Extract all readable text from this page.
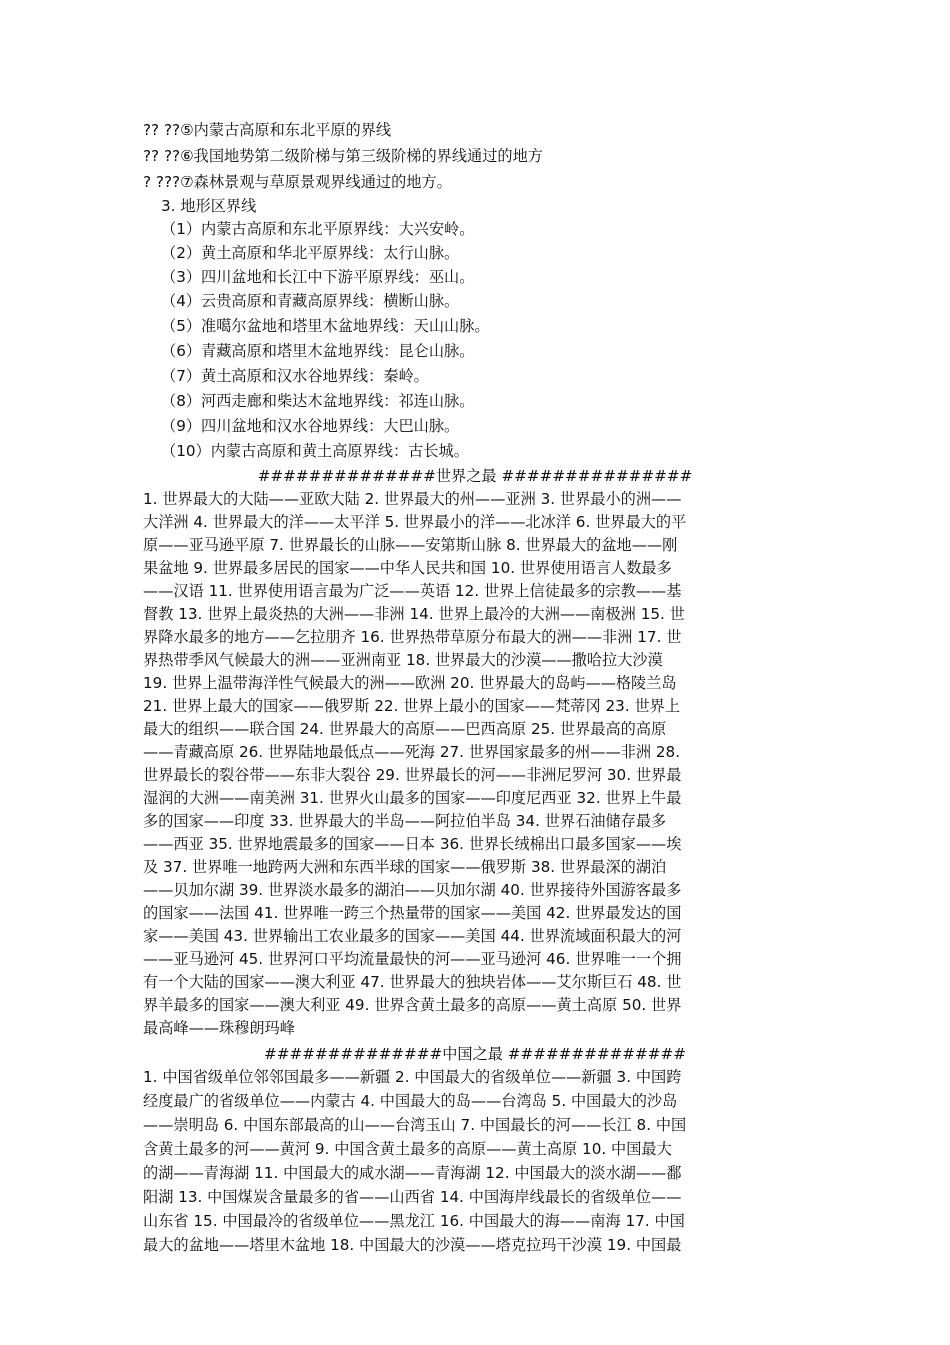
?? ??⑤内蒙古高原和东北平原的界线
?? ??⑥我国地势第二级阶梯与第三级阶梯的界线通过的地方
? ???⑦森林景观与草原景观界线通过的地方。
3. 地形区界线
（1）内蒙古高原和东北平原界线：大兴安岭。
（2）黄土高原和华北平原界线：太行山脉。
（3）四川盆地和长江中下游平原界线：巫山。
（4）云贵高原和青藏高原界线：横断山脉。
（5）准噶尔盆地和塔里木盆地界线：天山山脉。
（6）青藏高原和塔里木盆地界线：昆仑山脉。
（7）黄土高原和汉水谷地界线：秦岭。
（8）河西走廊和柴达木盆地界线：祁连山脉。
（9）四川盆地和汉水谷地界线：大巴山脉。
（10）内蒙古高原和黄土高原界线：古长城。
##############世界之最 ###############
1. 世界最大的大陆——亚欧大陆 2. 世界最大的州——亚洲 3. 世界最小的洲——
大洋洲 4. 世界最大的洋——太平洋 5. 世界最小的洋——北冰洋 6. 世界最大的平
原——亚马逊平原 7. 世界最长的山脉——安第斯山脉 8. 世界最大的盆地——刚
果盆地 9. 世界最多居民的国家——中华人民共和国 10. 世界使用语言人数最多
——汉语 11. 世界使用语言最为广泛——英语 12. 世界上信徒最多的宗教——基
督教 13. 世界上最炎热的大洲——非洲 14. 世界上最冷的大洲——南极洲 15. 世
界降水最多的地方——乞拉朋齐 16. 世界热带草原分布最大的洲——非洲 17. 世
界热带季风气候最大的洲——亚洲南亚 18. 世界最大的沙漠——撒哈拉大沙漠
19. 世界上温带海洋性气候最大的洲——欧洲 20. 世界最大的岛屿——格陵兰岛
21. 世界上最大的国家——俄罗斯 22. 世界上最小的国家——梵蒂冈 23. 世界上
最大的组织——联合国 24. 世界最大的高原——巴西高原 25. 世界最高的高原
——青藏高原 26. 世界陆地最低点——死海 27. 世界国家最多的州——非洲 28.
世界最长的裂谷带——东非大裂谷 29. 世界最长的河——非洲尼罗河 30. 世界最
湿润的大洲——南美洲 31. 世界火山最多的国家——印度尼西亚 32. 世界上牛最
多的国家——印度 33. 世界最大的半岛——阿拉伯半岛 34. 世界石油储存最多
——西亚 35. 世界地震最多的国家——日本 36. 世界长绒棉出口最多国家——埃
及 37. 世界唯一地跨两大洲和东西半球的国家——俄罗斯 38. 世界最深的湖泊
——贝加尔湖 39. 世界淡水最多的湖泊——贝加尔湖 40. 世界接待外国游客最多
的国家——法国 41. 世界唯一跨三个热量带的国家——美国 42. 世界最发达的国
家——美国 43. 世界输出工农业最多的国家——美国 44. 世界流域面积最大的河
——亚马逊河 45. 世界河口平均流量最快的河——亚马逊河 46. 世界唯一一个拥
有一个大陆的国家——澳大利亚 47. 世界最大的独块岩体——艾尔斯巨石 48. 世
界羊最多的国家——澳大利亚 49. 世界含黄土最多的高原——黄土高原 50. 世界
最高峰——珠穆朗玛峰
##############中国之最 ##############
1. 中国省级单位邻邻国最多——新疆 2. 中国最大的省级单位——新疆 3. 中国跨
经度最广的省级单位——内蒙古 4. 中国最大的岛——台湾岛 5. 中国最大的沙岛
——崇明岛 6. 中国东部最高的山——台湾玉山 7. 中国最长的河——长江 8. 中国
含黄土最多的河——黄河 9. 中国含黄土最多的高原——黄土高原 10. 中国最大
的湖——青海湖 11. 中国最大的咸水湖——青海湖 12. 中国最大的淡水湖——鄱
阳湖 13. 中国煤炭含量最多的省——山西省 14. 中国海岸线最长的省级单位——
山东省 15. 中国最冷的省级单位——黑龙江 16. 中国最大的海——南海 17. 中国
最大的盆地——塔里木盆地 18. 中国最大的沙漠——塔克拉玛干沙漠 19. 中国最
